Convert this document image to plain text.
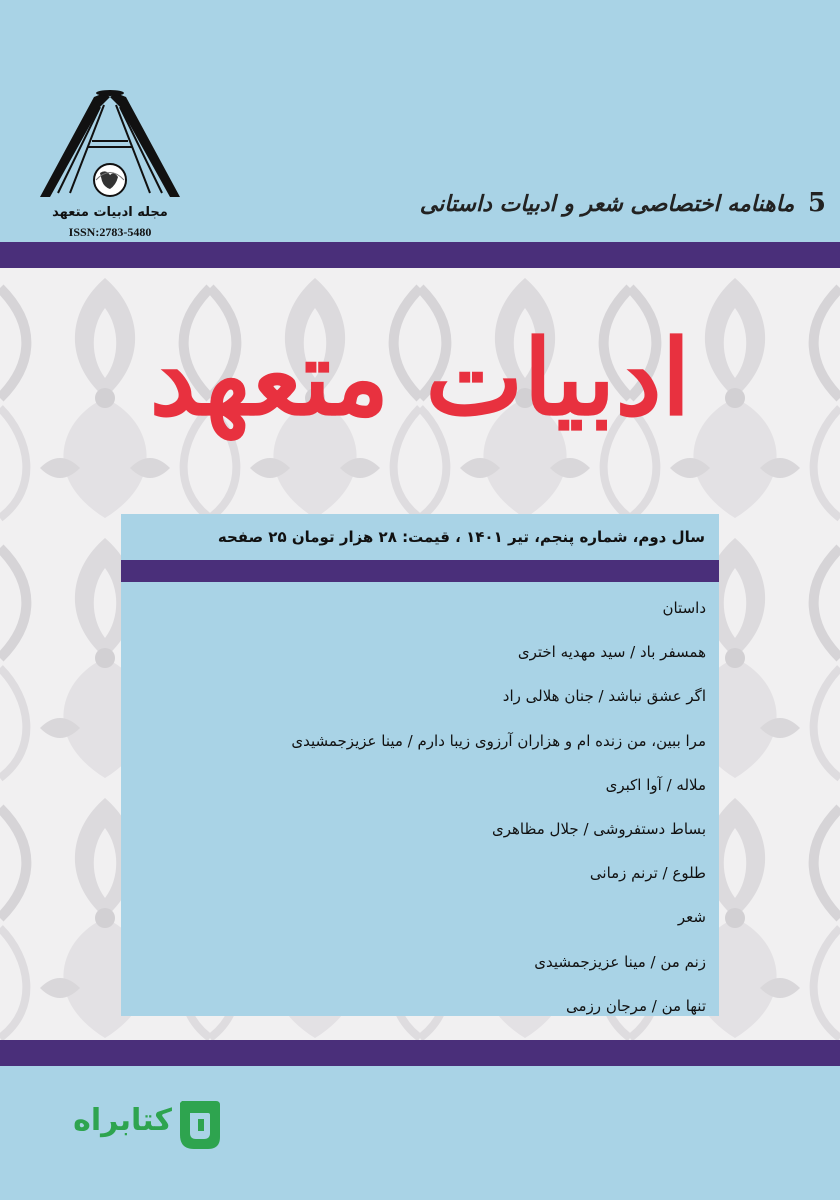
مجله ادبیات متعهد
ISSN:2783-5480
5 ماهنامه اختصاصی شعر و ادبیات داستانی
ادبیات متعهد
سال دوم، شماره پنجم، تیر ۱۴۰۱ ، قیمت: ۲۸ هزار تومان ۲۵ صفحه
داستان
همسفر باد / سید مهدیه اختری
اگر عشق نباشد / جنان هلالی راد
مرا ببین، من زنده ام و هزاران آرزوی زیبا دارم / مینا عزیزجمشیدی
ملاله / آوا اکبری
بساط دستفروشی / جلال مظاهری
طلوع / ترنم زمانی
شعر
زنم من / مینا عزیزجمشیدی
تنها من / مرجان رزمی
کتابراه
